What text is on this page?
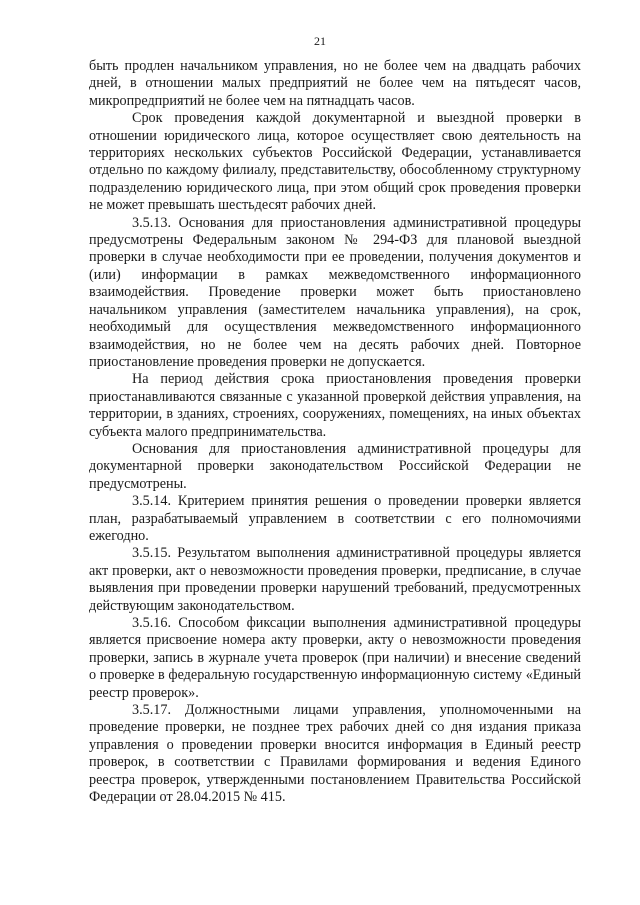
21

быть продлен начальником управления, но не более чем на двадцать рабочих дней, в отношении малых предприятий не более чем на пятьдесят часов, микропредприятий не более чем на пятнадцать часов.

Срок проведения каждой документарной и выездной проверки в отношении юридического лица, которое осуществляет свою деятельность на территориях нескольких субъектов Российской Федерации, устанавливается отдельно по каждому филиалу, представительству, обособленному структурному подразделению юридического лица, при этом общий срок проведения проверки не может превышать шестьдесят рабочих дней.

3.5.13. Основания для приостановления административной процедуры предусмотрены Федеральным законом № 294-ФЗ для плановой выездной проверки в случае необходимости при ее проведении, получения документов и (или) информации в рамках межведомственного информационного взаимодействия. Проведение проверки может быть приостановлено начальником управления (заместителем начальника управления), на срок, необходимый для осуществления межведомственного информационного взаимодействия, но не более чем на десять рабочих дней. Повторное приостановление проведения проверки не допускается.

На период действия срока приостановления проведения проверки приостанавливаются связанные с указанной проверкой действия управления, на территории, в зданиях, строениях, сооружениях, помещениях, на иных объектах субъекта малого предпринимательства.

Основания для приостановления административной процедуры для документарной проверки законодательством Российской Федерации не предусмотрены.

3.5.14. Критерием принятия решения о проведении проверки является план, разрабатываемый управлением в соответствии с его полномочиями ежегодно.

3.5.15. Результатом выполнения административной процедуры является акт проверки, акт о невозможности проведения проверки, предписание, в случае выявления при проведении проверки нарушений требований, предусмотренных действующим законодательством.

3.5.16. Способом фиксации выполнения административной процедуры является присвоение номера акту проверки, акту о невозможности проведения проверки, запись в журнале учета проверок (при наличии) и внесение сведений о проверке в федеральную государственную информационную систему «Единый реестр проверок».

3.5.17. Должностными лицами управления, уполномоченными на проведение проверки, не позднее трех рабочих дней со дня издания приказа управления о проведении проверки вносится информация в Единый реестр проверок, в соответствии с Правилами формирования и ведения Единого реестра проверок, утвержденными постановлением Правительства Российской Федерации от 28.04.2015 № 415.
